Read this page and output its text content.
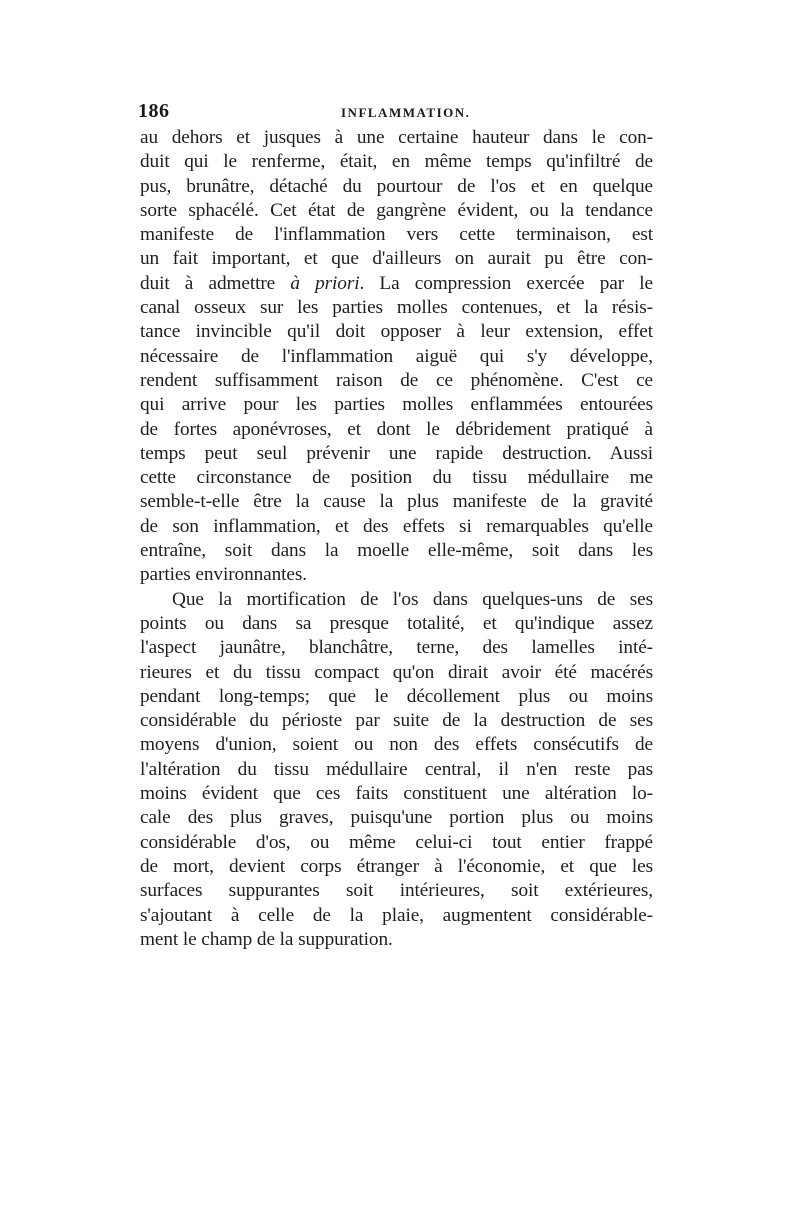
186	INFLAMMATION.
au dehors et jusques à une certaine hauteur dans le con-
duit qui le renferme, était, en même temps qu'infiltré de
pus, brunâtre, détaché du pourtour de l'os et en quelque
sorte sphacélé. Cet état de gangrène évident, ou la tendance
manifeste de l'inflammation vers cette terminaison, est
un fait important, et que d'ailleurs on aurait pu être con-
duit à admettre à priori. La compression exercée par le
canal osseux sur les parties molles contenues, et la résis-
tance invincible qu'il doit opposer à leur extension, effet
nécessaire de l'inflammation aiguë qui s'y développe,
rendent suffisamment raison de ce phénomène. C'est ce
qui arrive pour les parties molles enflammées entourées
de fortes aponévroses, et dont le débridement pratiqué à
temps peut seul prévenir une rapide destruction. Aussi
cette circonstance de position du tissu médullaire me
semble-t-elle être la cause la plus manifeste de la gravité
de son inflammation, et des effets si remarquables qu'elle
entraîne, soit dans la moelle elle-même, soit dans les
parties environnantes.
Que la mortification de l'os dans quelques-uns de ses
points ou dans sa presque totalité, et qu'indique assez
l'aspect jaunâtre, blanchâtre, terne, des lamelles inté-
rieures et du tissu compact qu'on dirait avoir été macérés
pendant long-temps; que le décollement plus ou moins
considérable du périoste par suite de la destruction de ses
moyens d'union, soient ou non des effets consécutifs de
l'altération du tissu médullaire central, il n'en reste pas
moins évident que ces faits constituent une altération lo-
cale des plus graves, puisqu'une portion plus ou moins
considérable d'os, ou même celui-ci tout entier frappé
de mort, devient corps étranger à l'économie, et que les
surfaces suppurantes soit intérieures, soit extérieures,
s'ajoutant à celle de la plaie, augmentent considérable-
ment le champ de la suppuration.
